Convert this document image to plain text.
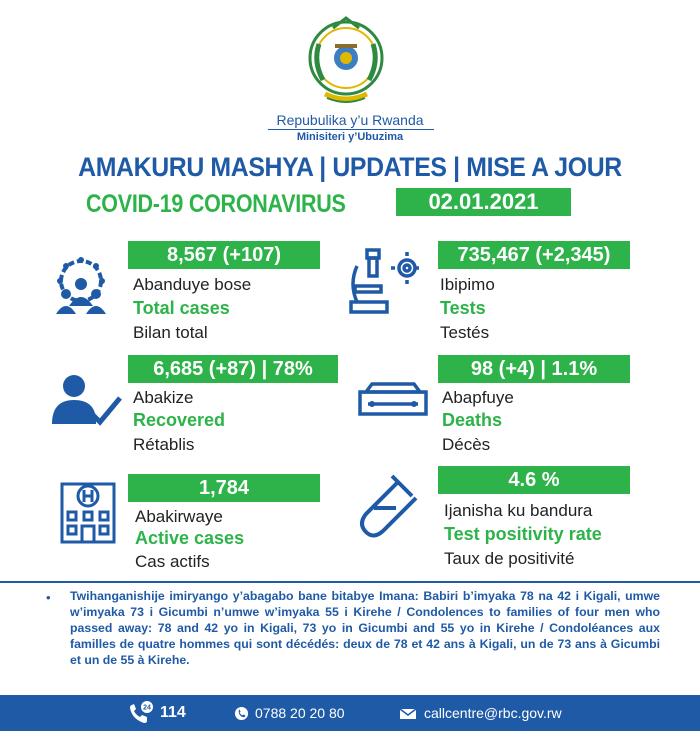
Repubulika y’u Rwanda
Minisiteri y’Ubuzima
AMAKURU MASHYA | UPDATES | MISE A JOUR
COVID-19 CORONAVIRUS	02.01.2021
8,567 (+107)
Abanduye bose
Total cases
Bilan total
735,467 (+2,345)
Ibipimo
Tests
Testés
6,685 (+87) | 78%
Abakize
Recovered
Rétablis
98 (+4) | 1.1%
Abapfuye
Deaths
Décès
1,784
Abakirwaye
Active cases
Cas actifs
4.6 %
Ijanisha ku bandura
Test positivity rate
Taux de positivité
• Twihanganishije imiryango y’abagabo bane bitabye Imana: Babiri b’imyaka 78 na 42 i Kigali, umwe w’imyaka 73 i Gicumbi n’umwe w’imyaka 55 i Kirehe / Condolences to families of four men who passed away: 78 and 42 yo in Kigali, 73 yo in Gicumbi and 55 yo in Kirehe / Condoléances aux familles de quatre hommes qui sont décédés: deux de 78 et 42 ans à Kigali, un de 73 ans à Gicumbi et un de 55 à Kirehe.
24 114	0788 20 20 80	callcentre@rbc.gov.rw
